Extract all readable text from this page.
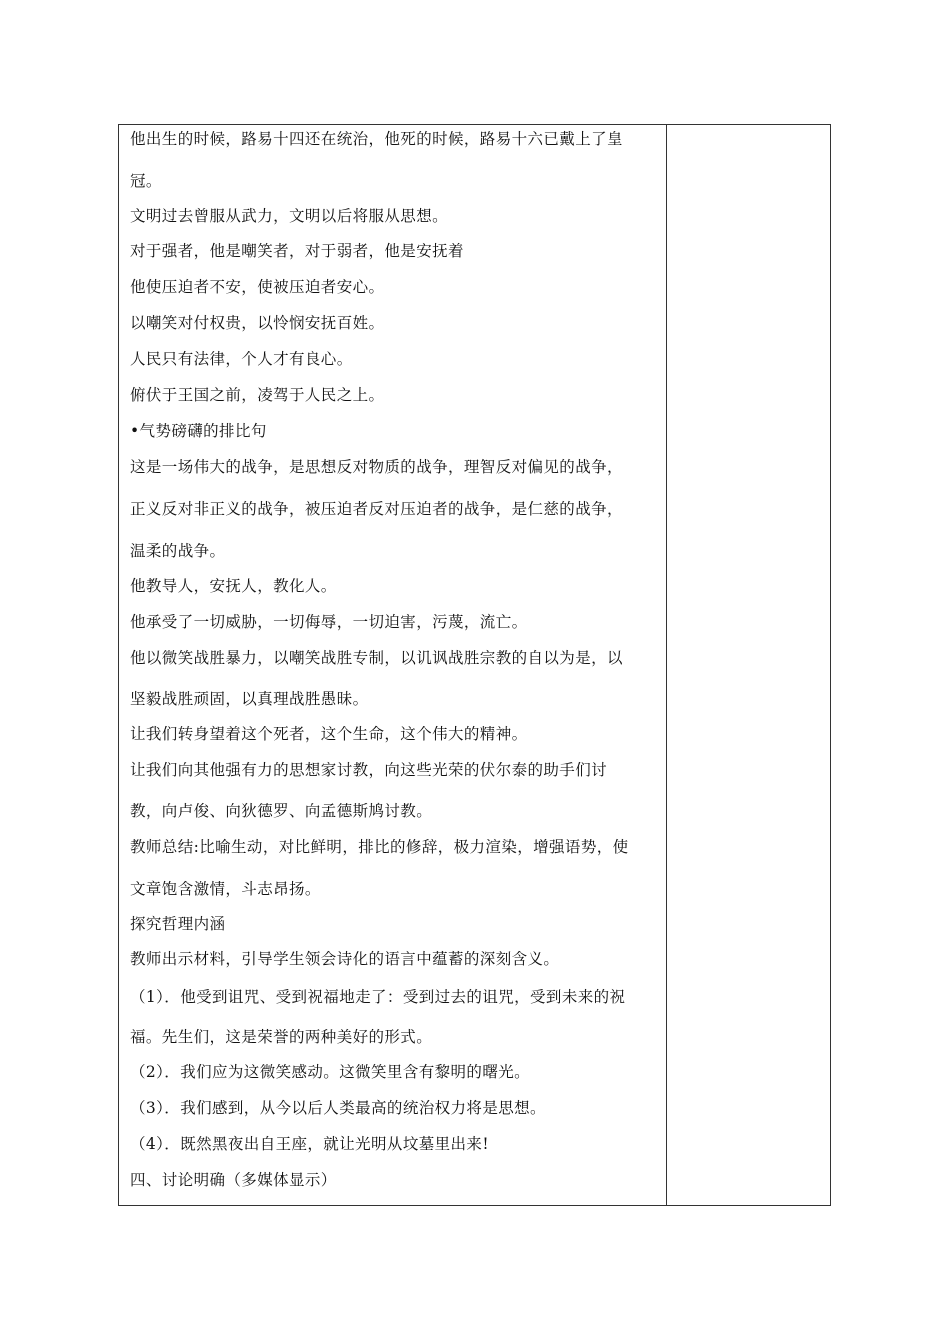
他出生的时候，路易十四还在统治，他死的时候，路易十六已戴上了皇
冠。
文明过去曾服从武力，文明以后将服从思想。
对于强者，他是嘲笑者，对于弱者，他是安抚着
他使压迫者不安，使被压迫者安心。
以嘲笑对付权贵，以怜悯安抚百姓。
人民只有法律，个人才有良心。
俯伏于王国之前，凌驾于人民之上。
•气势磅礴的排比句
这是一场伟大的战争，是思想反对物质的战争，理智反对偏见的战争，
正义反对非正义的战争，被压迫者反对压迫者的战争，是仁慈的战争，
温柔的战争。
他教导人，安抚人，教化人。
他承受了一切威胁，一切侮辱，一切迫害，污蔑，流亡。
他以微笑战胜暴力，以嘲笑战胜专制，以讥讽战胜宗教的自以为是，以
坚毅战胜顽固，以真理战胜愚昧。
让我们转身望着这个死者，这个生命，这个伟大的精神。
让我们向其他强有力的思想家讨教，向这些光荣的伏尔泰的助手们讨
教，向卢俊、向狄德罗、向孟德斯鸠讨教。
教师总结:比喻生动，对比鲜明，排比的修辞，极力渲染，增强语势，使
文章饱含激情，斗志昂扬。
探究哲理内涵
教师出示材料，引导学生领会诗化的语言中蕴蓄的深刻含义。
（1）．他受到诅咒、受到祝福地走了：受到过去的诅咒，受到未来的祝
福。先生们，这是荣誉的两种美好的形式。
（2）．我们应为这微笑感动。这微笑里含有黎明的曙光。
（3）．我们感到，从今以后人类最高的统治权力将是思想。
（4）．既然黑夜出自王座，就让光明从坟墓里出来!
四、讨论明确（多媒体显示）
